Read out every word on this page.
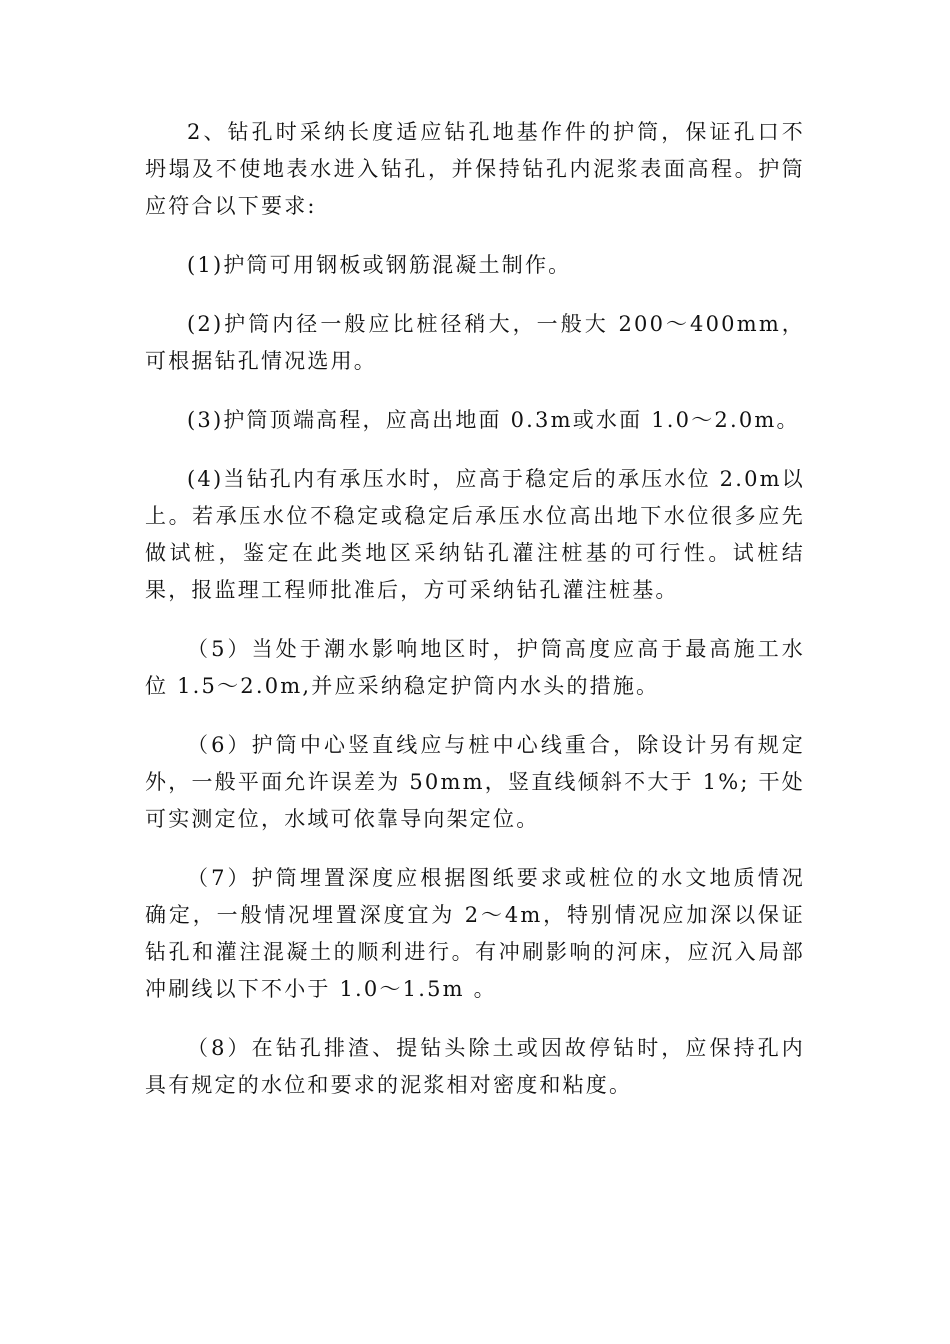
2、钻孔时采纳长度适应钻孔地基作件的护筒，保证孔口不坍塌及不使地表水进入钻孔，并保持钻孔内泥浆表面高程。护筒应符合以下要求:

(1)护筒可用钢板或钢筋混凝土制作。

(2)护筒内径一般应比桩径稍大，一般大 200～400mm，可根据钻孔情况选用。

(3)护筒顶端高程，应高出地面 0.3m或水面 1.0～2.0m。

(4)当钻孔内有承压水时，应高于稳定后的承压水位 2.0m以上。若承压水位不稳定或稳定后承压水位高出地下水位很多应先做试桩，鉴定在此类地区采纳钻孔灌注桩基的可行性。试桩结果，报监理工程师批准后，方可采纳钻孔灌注桩基。

（5）当处于潮水影响地区时，护筒高度应高于最高施工水位 1.5～2.0m,并应采纳稳定护筒内水头的措施。

（6）护筒中心竖直线应与桩中心线重合，除设计另有规定外，一般平面允许误差为 50mm，竖直线倾斜不大于 1%; 干处可实测定位，水域可依靠导向架定位。

（7）护筒埋置深度应根据图纸要求或桩位的水文地质情况确定，一般情况埋置深度宜为 2～4m，特别情况应加深以保证钻孔和灌注混凝土的顺利进行。有冲刷影响的河床，应沉入局部冲刷线以下不小于 1.0～1.5m 。

（8）在钻孔排渣、提钻头除土或因故停钻时，应保持孔内具有规定的水位和要求的泥浆相对密度和粘度。
